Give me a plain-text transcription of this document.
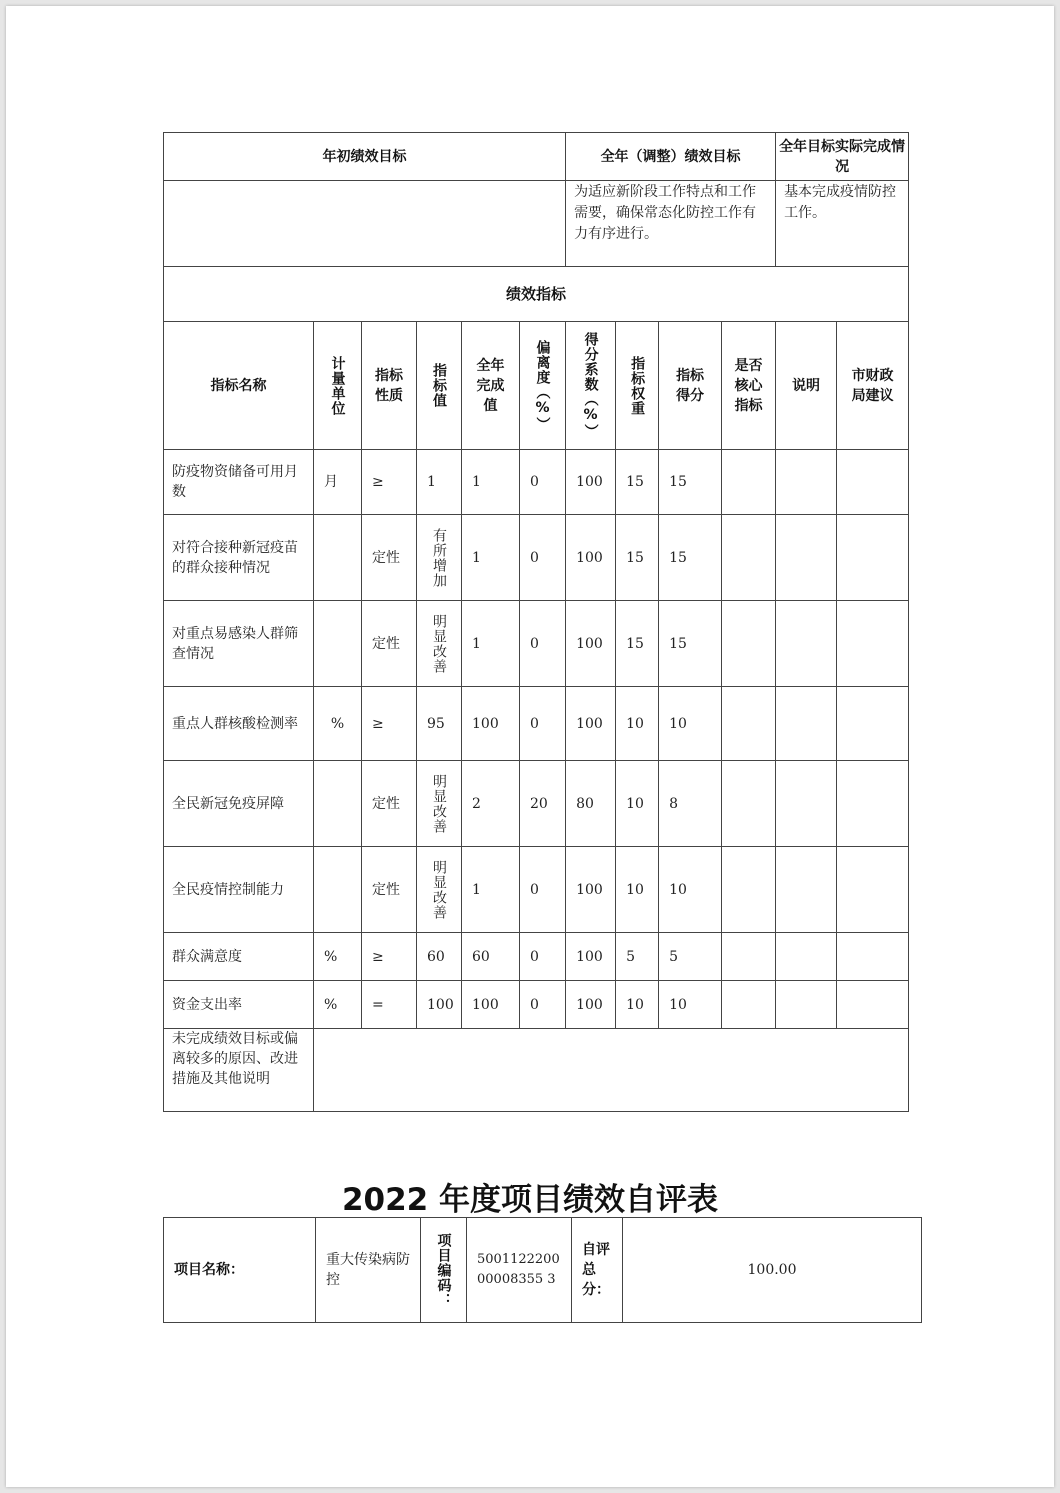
年初绩效目标						全年（调整）绩效目标				全年目标实际完成情况	
						为适应新阶段工作特点和工作需要，确保常态化防控工作有力有序进行。				基本完成疫情防控工作。	
绩效指标											
指标名称	计量单位	指标性质	指标值	全年完成值	偏离度（%）	得分系数（%）	指标权重	指标得分	是否核心指标	说明	市财政局建议
防疫物资储备可用月数	月	≥	1	1	0	100	15	15			
对符合接种新冠疫苗的群众接种情况		定性	有所增加	1	0	100	15	15			
对重点易感染人群筛查情况		定性	明显改善	1	0	100	15	15			
重点人群核酸检测率	%	≥	95	100	0	100	10	10			
全民新冠免疫屏障		定性	明显改善	2	20	80	10	8			
全民疫情控制能力		定性	明显改善	1	0	100	10	10			
群众满意度	%	≥	60	60	0	100	5	5			
资金支出率	%	=	100	100	0	100	10	10			
未完成绩效目标或偏离较多的原因、改进措施及其他说明											
2022 年度项目绩效自评表
项目名称：	重大传染病防控	项目编码：	500112220000008355 3	自评总分：	100.00
